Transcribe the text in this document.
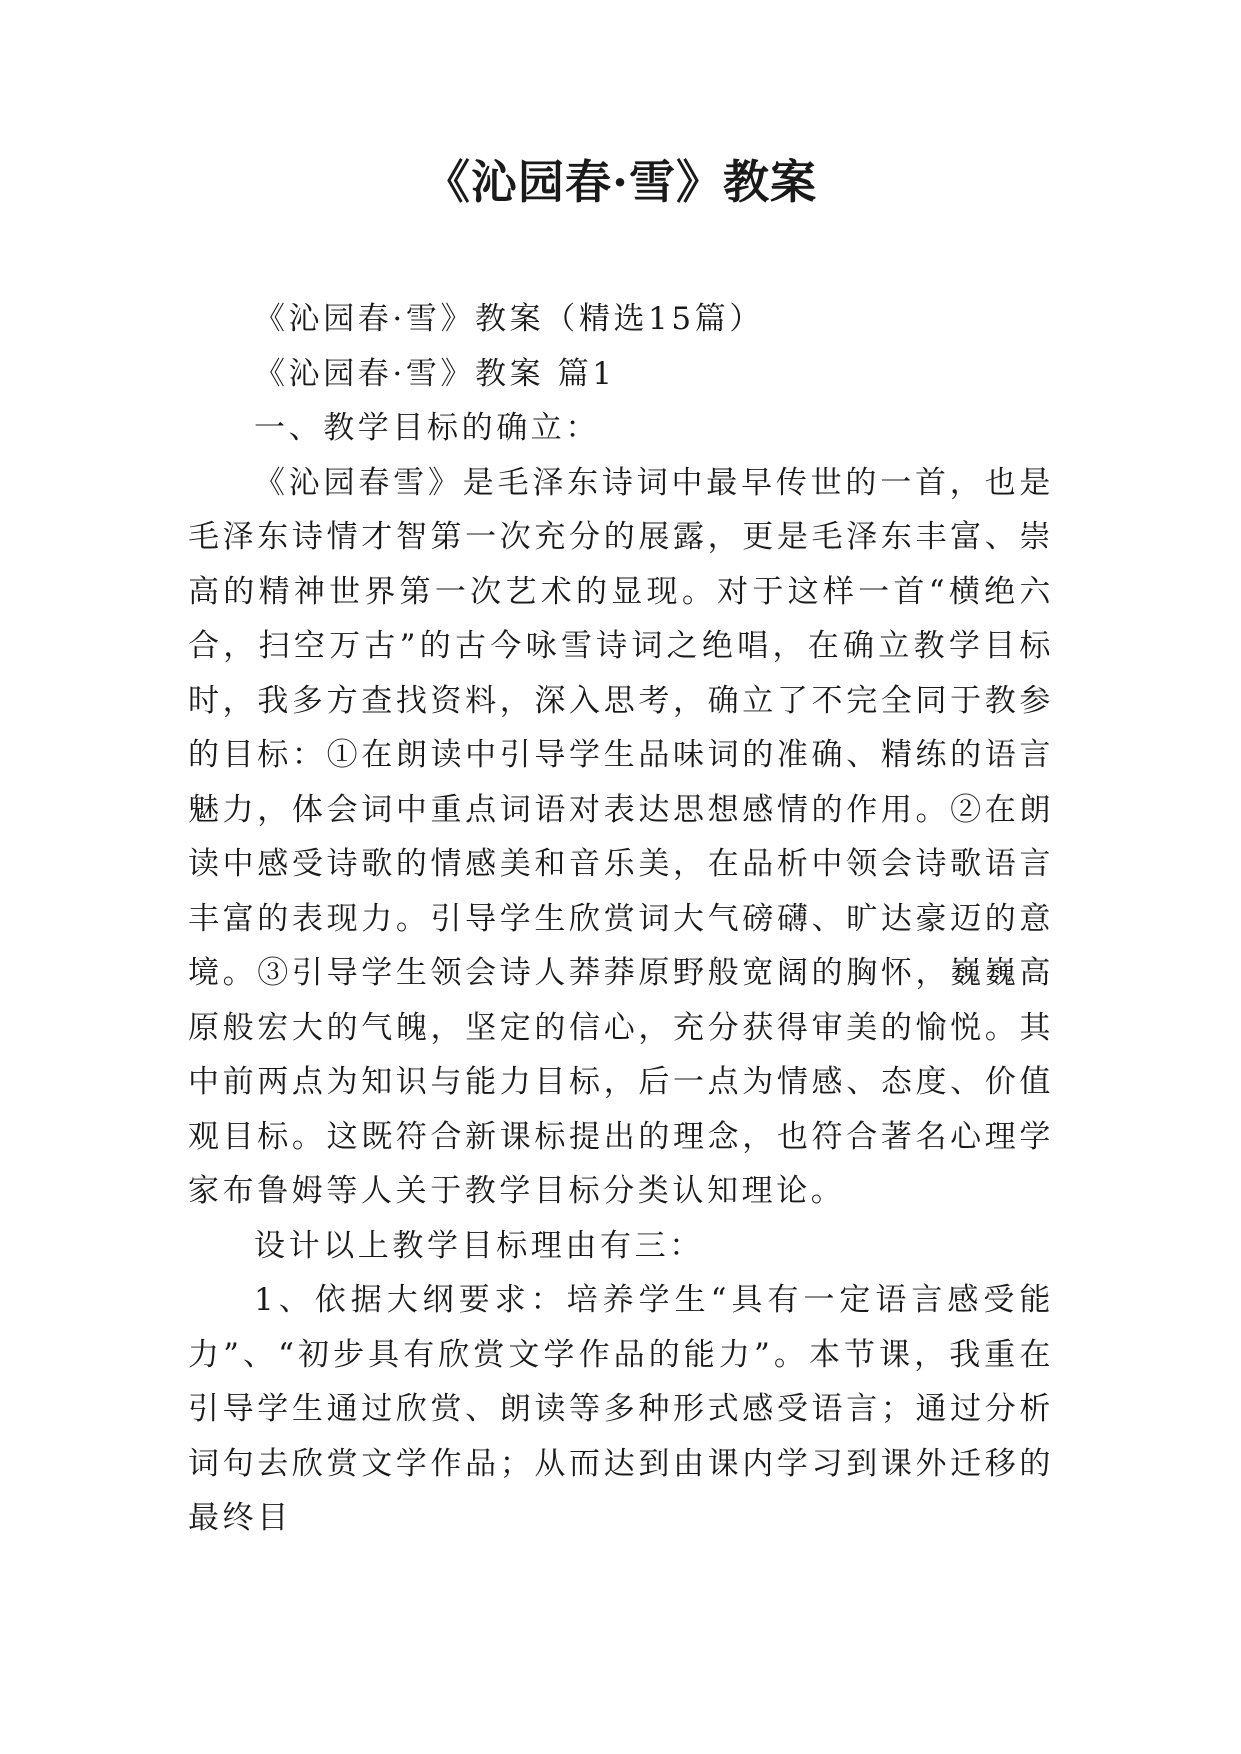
《沁园春·雪》教案

《沁园春·雪》教案（精选15篇）

《沁园春·雪》教案 篇1

一、教学目标的确立：

《沁园春雪》是毛泽东诗词中最早传世的一首，也是毛泽东诗情才智第一次充分的展露，更是毛泽东丰富、崇高的精神世界第一次艺术的显现。对于这样一首“横绝六合，扫空万古”的古今咏雪诗词之绝唱，在确立教学目标时，我多方查找资料，深入思考，确立了不完全同于教参的目标：①在朗读中引导学生品味词的准确、精练的语言魅力，体会词中重点词语对表达思想感情的作用。②在朗读中感受诗歌的情感美和音乐美，在品析中领会诗歌语言丰富的表现力。引导学生欣赏词大气磅礴、旷达豪迈的意境。③引导学生领会诗人莽莽原野般宽阔的胸怀，巍巍高原般宏大的气魄，坚定的信心，充分获得审美的愉悦。其中前两点为知识与能力目标，后一点为情感、态度、价值观目标。这既符合新课标提出的理念，也符合著名心理学家布鲁姆等人关于教学目标分类认知理论。

设计以上教学目标理由有三：

1、依据大纲要求：培养学生“具有一定语言感受能力”、“初步具有欣赏文学作品的能力”。本节课，我重在引导学生通过欣赏、朗读等多种形式感受语言；通过分析词句去欣赏文学作品；从而达到由课内学习到课外迁移的最终目
